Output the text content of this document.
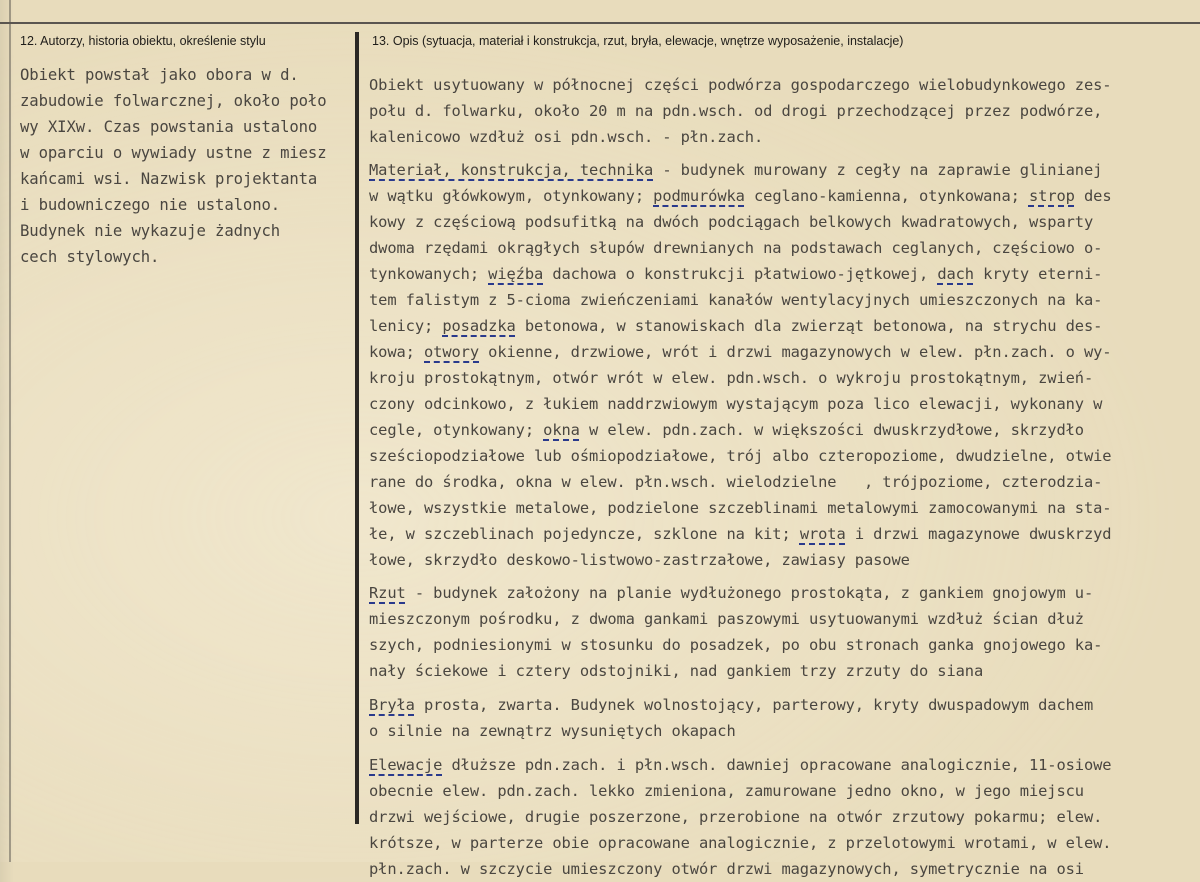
12. Autorzy, historia obiektu, określenie stylu	13. Opis (sytuacja, materiał i konstrukcja, rzut, bryła, elewacje, wnętrze wyposażenie, instalacje)
Obiekt powstał jako obora w d.
zabudowie folwarcznej, około poło
wy XIXw. Czas powstania ustalono
w oparciu o wywiady ustne z miesz
kańcami wsi. Nazwisk projektanta
i budowniczego nie ustalono.
Budynek nie wykazuje żadnych
cech stylowych.
Obiekt usytuowany w północnej części podwórza gospodarczego wielobudynkowego zes-
połu d. folwarku, około 20 m na pdn.wsch. od drogi przechodzącej przez podwórze,
kalenicowo wzdłuż osi pdn.wsch. - płn.zach.
Materiał, konstrukcja, technika - budynek murowany z cegły na zaprawie glinianej
w wątku główkowym, otynkowany; podmurówka ceglano-kamienna, otynkowana; strop des
kowy z częściową podsufitką na dwóch podciągach belkowych kwadratowych, wsparty
dwoma rzędami okrągłych słupów drewnianych na podstawach ceglanych, częściowo o-
tynkowanych; więźba dachowa o konstrukcji płatwiowo-jętkowej, dach kryty eterni-
tem falistym z 5-cioma zwieńczeniami kanałów wentylacyjnych umieszczonych na ka-
lenicy; posadzka betonowa, w stanowiskach dla zwierząt betonowa, na strychu des-
kowa; otwory okienne, drzwiowe, wrót i drzwi magazynowych w elew. płn.zach. o wy-
kroju prostokątnym, otwór wrót w elew. pdn.wsch. o wykroju prostokątnym, zwień-
czony odcinkowo, z łukiem naddrzwiowym wystającym poza lico elewacji, wykonany w
cegle, otynkowany; okna w elew. pdn.zach. w większości dwuskrzydłowe, skrzydło
sześciopodziałowe lub ośmiopodziałowe, trój albo czteropoziome, dwudzielne, otwie
rane do środka, okna w elew. płn.wsch. wielodzielne   , trójpoziome, czterodzia-
łowe, wszystkie metalowe, podzielone szczeblinami metalowymi zamocowanymi na sta-
łe, w szczeblinach pojedyncze, szklone na kit; wrota i drzwi magazynowe dwuskrzyd
łowe, skrzydło deskowo-listwowo-zastrzałowe, zawiasy pasowe
Rzut - budynek założony na planie wydłużonego prostokąta, z gankiem gnojowym u-
mieszczonym pośrodku, z dwoma gankami paszowymi usytuowanymi wzdłuż ścian dłuż
szych, podniesionymi w stosunku do posadzek, po obu stronach ganka gnojowego ka-
nały ściekowe i cztery odstojniki, nad gankiem trzy zrzuty do siana
Bryła prosta, zwarta. Budynek wolnostojący, parterowy, kryty dwuspadowym dachem
o silnie na zewnątrz wysuniętych okapach
Elewacje dłuższe pdn.zach. i płn.wsch. dawniej opracowane analogicznie, 11-osiowe
obecnie elew. pdn.zach. lekko zmieniona, zamurowane jedno okno, w jego miejscu
drzwi wejściowe, drugie poszerzone, przerobione na otwór zrzutowy pokarmu; elew.
krótsze, w parterze obie opracowane analogicznie, z przelotowymi wrotami, w elew.
płn.zach. w szczycie umieszczony otwór drzwi magazynowych, symetrycznie na osi
